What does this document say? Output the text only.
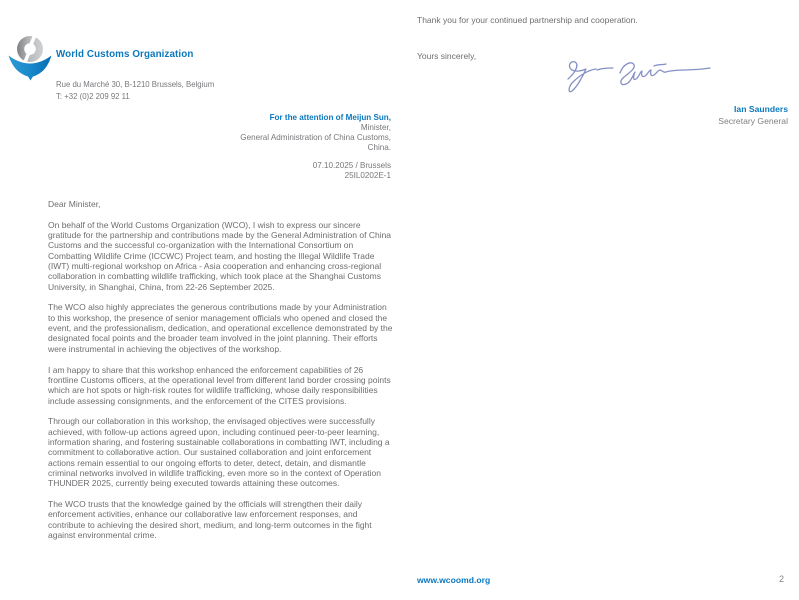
World Customs Organization
Rue du Marché 30, B-1210 Brussels, Belgium
T: +32 (0)2 209 92 11
For the attention of Meijun Sun,
Minister,
General Administration of China Customs,
China.
07.10.2025 / Brussels
25IL0202E-1

Dear Minister,

On behalf of the World Customs Organization (WCO), I wish to express our sincere gratitude for the partnership and contributions made by the General Administration of China Customs and the successful co-organization with the International Consortium on Combatting Wildlife Crime (ICCWC) Project team, and hosting the Illegal Wildlife Trade (IWT) multi-regional workshop on Africa - Asia cooperation and enhancing cross-regional collaboration in combatting wildlife trafficking, which took place at the Shanghai Customs University, in Shanghai, China, from 22-26 September 2025.

The WCO also highly appreciates the generous contributions made by your Administration to this workshop, the presence of senior management officials who opened and closed the event, and the professionalism, dedication, and operational excellence demonstrated by the designated focal points and the broader team involved in the joint planning. Their efforts were instrumental in achieving the objectives of the workshop.

I am happy to share that this workshop enhanced the enforcement capabilities of 26 frontline Customs officers, at the operational level from different land border crossing points which are hot spots or high-risk routes for wildlife trafficking, whose daily responsibilities include assessing consignments, and the enforcement of the CITES provisions.

Through our collaboration in this workshop, the envisaged objectives were successfully achieved, with follow-up actions agreed upon, including continued peer-to-peer learning, information sharing, and fostering sustainable collaborations in combatting IWT, including a commitment to collaborative action. Our sustained collaboration and joint enforcement actions remain essential to our ongoing efforts to deter, detect, detain, and dismantle criminal networks involved in wildlife trafficking, even more so in the context of Operation THUNDER 2025, currently being executed towards attaining these outcomes.

The WCO trusts that the knowledge gained by the officials will strengthen their daily enforcement activities, enhance our collaborative law enforcement responses, and contribute to achieving the desired short, medium, and long-term outcomes in the fight against environmental crime.

Thank you for your continued partnership and cooperation.
Yours sincerely,
Ian Saunders
Secretary General
www.wcoomd.org	2
